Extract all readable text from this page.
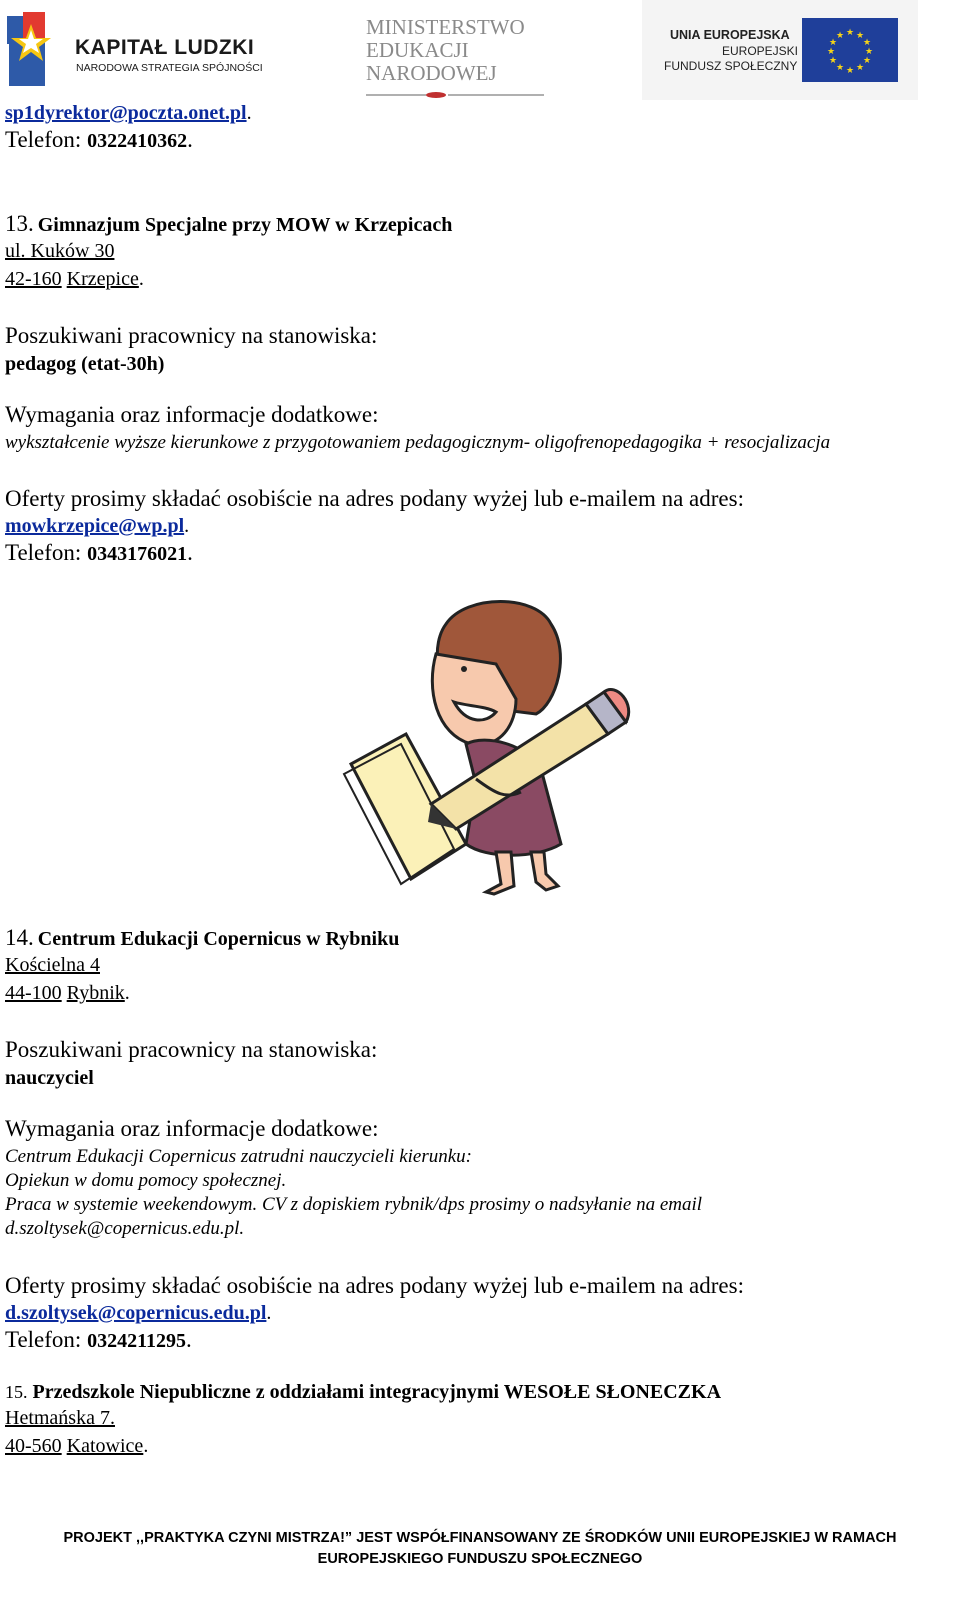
KAPITAŁ LUDZKI
NARODOWA STRATEGIA SPÓJNOŚCI
MINISTERSTWO
EDUKACJI
NARODOWEJ
UNIA EUROPEJSKA
EUROPEJSKI
FUNDUSZ SPOŁECZNY
★ ★
★
★
★
★
★
★
★
★
★
★
sp1dyrektor@poczta.onet.pl.
Telefon: 0322410362.
13. Gimnazjum Specjalne przy MOW w Krzepicach
ul. Kuków 30
42-160 Krzepice.
Poszukiwani pracownicy na stanowiska:
pedagog (etat-30h)
Wymagania oraz informacje dodatkowe:
wykształcenie wyższe kierunkowe z przygotowaniem pedagogicznym- oligofrenopedagogika + resocjalizacja
Oferty prosimy składać osobiście na adres podany wyżej lub e-mailem na adres:
mowkrzepice@wp.pl.
Telefon: 0343176021.
14. Centrum Edukacji Copernicus w Rybniku
Kościelna 4
44-100 Rybnik.
Poszukiwani pracownicy na stanowiska:
nauczyciel
Wymagania oraz informacje dodatkowe:
Centrum Edukacji Copernicus zatrudni nauczycieli kierunku:
Opiekun w domu pomocy społecznej.
Praca w systemie weekendowym. CV z dopiskiem rybnik/dps prosimy o nadsyłanie na email
d.szoltysek@copernicus.edu.pl.
Oferty prosimy składać osobiście na adres podany wyżej lub e-mailem na adres:
d.szoltysek@copernicus.edu.pl.
Telefon: 0324211295.
15. Przedszkole Niepubliczne z oddziałami integracyjnymi WESOŁE SŁONECZKA
Hetmańska 7.
40-560 Katowice.
PROJEKT ,,PRAKTYKA CZYNI MISTRZA!” JEST WSPÓŁFINANSOWANY ZE ŚRODKÓW UNII EUROPEJSKIEJ W RAMACH
EUROPEJSKIEGO FUNDUSZU SPOŁECZNEGO
